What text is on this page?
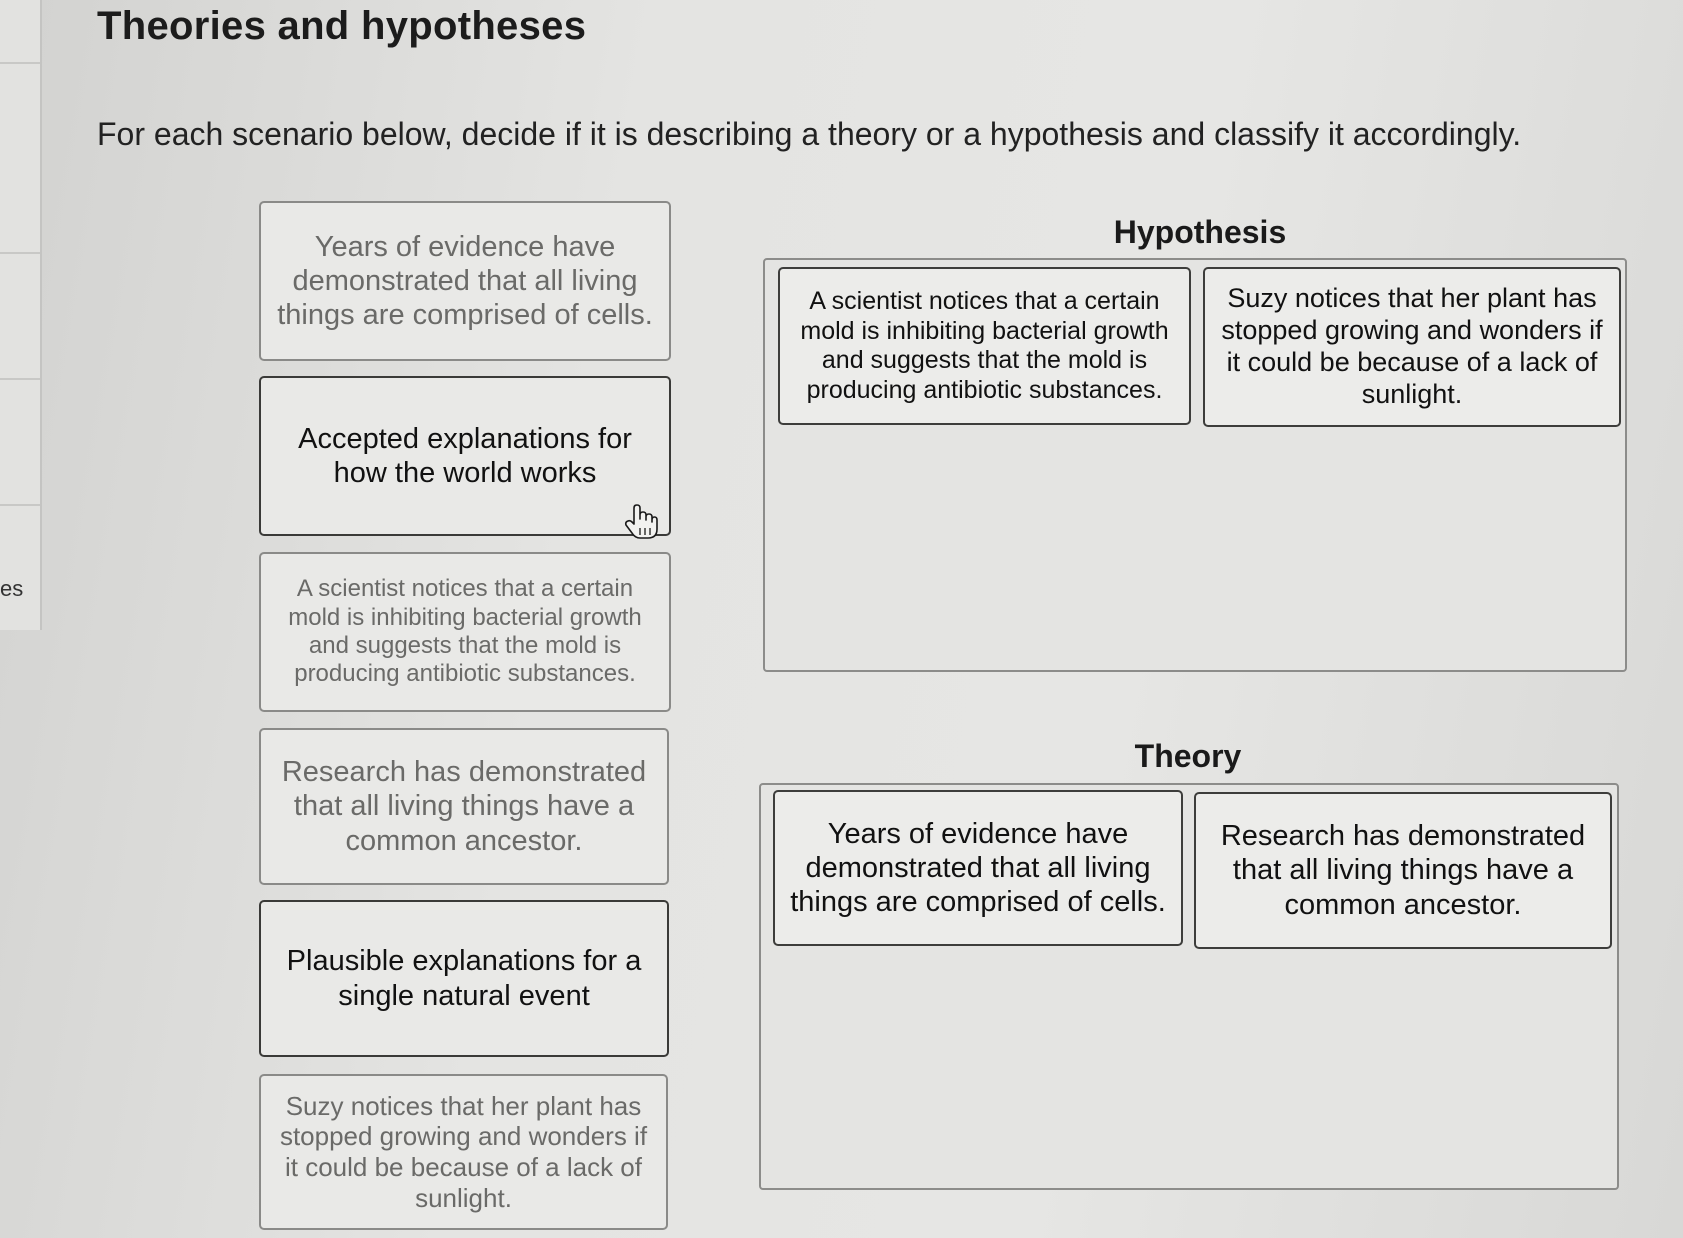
es
Theories and hypotheses
For each scenario below, decide if it is describing a theory or a hypothesis and classify it accordingly.
Years of evidence have demonstrated that all living things are comprised of cells.
Accepted explanations for how the world works
A scientist notices that a certain mold is inhibiting bacterial growth and suggests that the mold is producing antibiotic substances.
Research has demonstrated that all living things have a common ancestor.
Plausible explanations for a single natural event
Suzy notices that her plant has stopped growing and wonders if it could be because of a lack of sunlight.
Hypothesis
A scientist notices that a certain mold is inhibiting bacterial growth and suggests that the mold is producing antibiotic substances.
Suzy notices that her plant has stopped growing and wonders if it could be because of a lack of sunlight.
Theory
Years of evidence have demonstrated that all living things are comprised of cells.
Research has demonstrated that all living things have a common ancestor.
